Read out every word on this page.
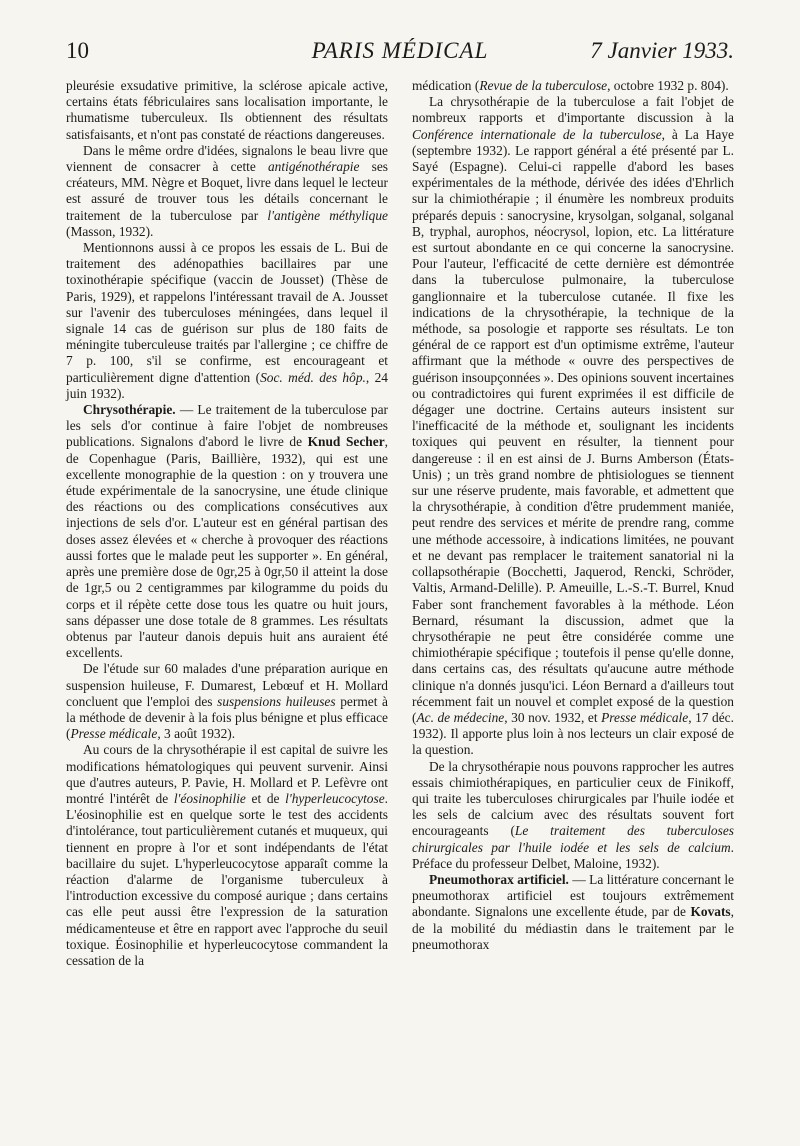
10	PARIS MÉDICAL	7 Janvier 1933.

pleurésie exsudative primitive, la sclérose apicale active, certains états fébriculaires sans localisation importante, le rhumatisme tuberculeux. Ils obtiennent des résultats satisfaisants, et n'ont pas constaté de réactions dangereuses.

Dans le même ordre d'idées, signalons le beau livre que viennent de consacrer à cette antigénothérapie ses créateurs, MM. Nègre et Boquet, livre dans lequel le lecteur est assuré de trouver tous les détails concernant le traitement de la tuberculose par l'antigène méthylique (Masson, 1932).

Mentionnons aussi à ce propos les essais de L. Bui de traitement des adénopathies bacillaires par une toxinothérapie spécifique (vaccin de Jousset) (Thèse de Paris, 1929), et rappelons l'intéressant travail de A. Jousset sur l'avenir des tuberculoses méningées, dans lequel il signale 14 cas de guérison sur plus de 180 faits de méningite tuberculeuse traités par l'allergine ; ce chiffre de 7 p. 100, s'il se confirme, est encourageant et particulièrement digne d'attention (Soc. méd. des hôp., 24 juin 1932).

Chrysothérapie. — Le traitement de la tuberculose par les sels d'or continue à faire l'objet de nombreuses publications. Signalons d'abord le livre de Knud Secher, de Copenhague (Paris, Baillière, 1932), qui est une excellente monographie de la question : on y trouvera une étude expérimentale de la sanocrysine, une étude clinique des réactions ou des complications consécutives aux injections de sels d'or. L'auteur est en général partisan des doses assez élevées et « cherche à provoquer des réactions aussi fortes que le malade peut les supporter ». En général, après une première dose de 0gr,25 à 0gr,50 il atteint la dose de 1gr,5 ou 2 centigrammes par kilogramme du poids du corps et il répète cette dose tous les quatre ou huit jours, sans dépasser une dose totale de 8 grammes. Les résultats obtenus par l'auteur danois depuis huit ans auraient été excellents.

De l'étude sur 60 malades d'une préparation aurique en suspension huileuse, F. Dumarest, Lebœuf et H. Mollard concluent que l'emploi des suspensions huileuses permet à la méthode de devenir à la fois plus bénigne et plus efficace (Presse médicale, 3 août 1932).

Au cours de la chrysothérapie il est capital de suivre les modifications hématologiques qui peuvent survenir. Ainsi que d'autres auteurs, P. Pavie, H. Mollard et P. Lefèvre ont montré l'intérêt de l'éosinophilie et de l'hyperleucocytose. L'éosinophilie est en quelque sorte le test des accidents d'intolérance, tout particulièrement cutanés et muqueux, qui tiennent en propre à l'or et sont indépendants de l'état bacillaire du sujet. L'hyperleucocytose apparaît comme la réaction d'alarme de l'organisme tuberculeux à l'introduction excessive du composé aurique ; dans certains cas elle peut aussi être l'expression de la saturation médicamenteuse et être en rapport avec l'approche du seuil toxique. Éosinophilie et hyperleucocytose commandent la cessation de la

médication (Revue de la tuberculose, octobre 1932 p. 804).

La chrysothérapie de la tuberculose a fait l'objet de nombreux rapports et d'importante discussion à la Conférence internationale de la tuberculose, à La Haye (septembre 1932). Le rapport général a été présenté par L. Sayé (Espagne). Celui-ci rappelle d'abord les bases expérimentales de la méthode, dérivée des idées d'Ehrlich sur la chimiothérapie ; il énumère les nombreux produits préparés depuis : sanocrysine, krysolgan, solganal, solganal B, tryphal, aurophos, néocrysol, lopion, etc. La littérature est surtout abondante en ce qui concerne la sanocrysine. Pour l'auteur, l'efficacité de cette dernière est démontrée dans la tuberculose pulmonaire, la tuberculose ganglionnaire et la tuberculose cutanée. Il fixe les indications de la chrysothérapie, la technique de la méthode, sa posologie et rapporte ses résultats. Le ton général de ce rapport est d'un optimisme extrême, l'auteur affirmant que la méthode « ouvre des perspectives de guérison insoupçonnées ». Des opinions souvent incertaines ou contradictoires qui furent exprimées il est difficile de dégager une doctrine. Certains auteurs insistent sur l'inefficacité de la méthode et, soulignant les incidents toxiques qui peuvent en résulter, la tiennent pour dangereuse : il en est ainsi de J. Burns Amberson (États-Unis) ; un très grand nombre de phtisiologues se tiennent sur une réserve prudente, mais favorable, et admettent que la chrysothérapie, à condition d'être prudemment maniée, peut rendre des services et mérite de prendre rang, comme une méthode accessoire, à indications limitées, ne pouvant et ne devant pas remplacer le traitement sanatorial ni la collapsothérapie (Bocchetti, Jaquerod, Rencki, Schröder, Valtis, Armand-Delille). P. Ameuille, L.-S.-T. Burrel, Knud Faber sont franchement favorables à la méthode. Léon Bernard, résumant la discussion, admet que la chrysothérapie ne peut être considérée comme une chimiothérapie spécifique ; toutefois il pense qu'elle donne, dans certains cas, des résultats qu'aucune autre méthode clinique n'a donnés jusqu'ici. Léon Bernard a d'ailleurs tout récemment fait un nouvel et complet exposé de la question (Ac. de médecine, 30 nov. 1932, et Presse médicale, 17 déc. 1932). Il apporte plus loin à nos lecteurs un clair exposé de la question.

De la chrysothérapie nous pouvons rapprocher les autres essais chimiothérapiques, en particulier ceux de Finikoff, qui traite les tuberculoses chirurgicales par l'huile iodée et les sels de calcium avec des résultats souvent fort encourageants (Le traitement des tuberculoses chirurgicales par l'huile iodée et les sels de calcium. Préface du professeur Delbet, Maloine, 1932).

Pneumothorax artificiel. — La littérature concernant le pneumothorax artificiel est toujours extrêmement abondante. Signalons une excellente étude, par de Kovats, de la mobilité du médiastin dans le traitement par le pneumothorax
